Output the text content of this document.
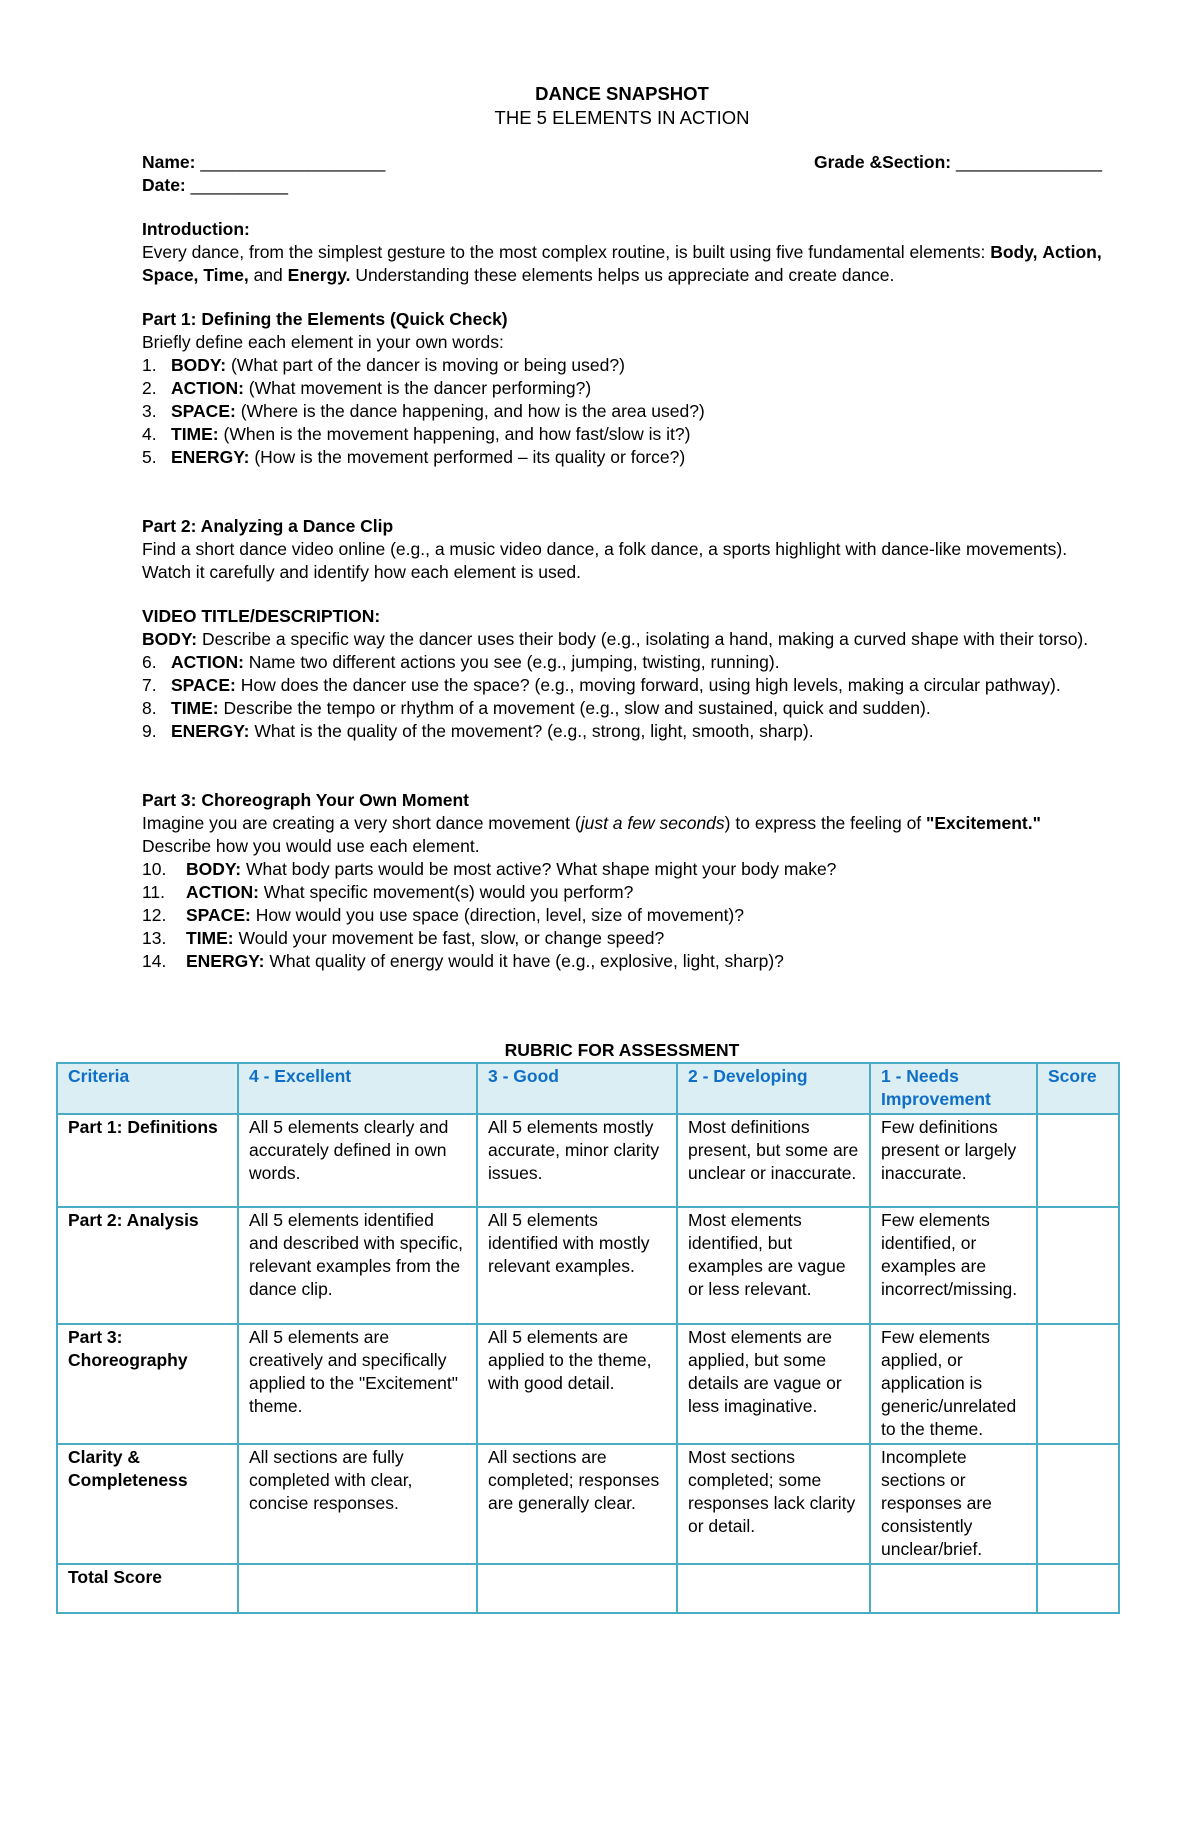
DANCE SNAPSHOT
THE 5 ELEMENTS IN ACTION
Name: ___________________	Grade &Section: _______________
Date: __________
Introduction:
Every dance, from the simplest gesture to the most complex routine, is built using five fundamental elements: Body, Action, Space, Time, and Energy. Understanding these elements helps us appreciate and create dance.
Part 1: Defining the Elements (Quick Check)
Briefly define each element in your own words:
1. BODY: (What part of the dancer is moving or being used?)
2. ACTION: (What movement is the dancer performing?)
3. SPACE: (Where is the dance happening, and how is the area used?)
4. TIME: (When is the movement happening, and how fast/slow is it?)
5. ENERGY: (How is the movement performed – its quality or force?)
Part 2: Analyzing a Dance Clip
Find a short dance video online (e.g., a music video dance, a folk dance, a sports highlight with dance-like movements). Watch it carefully and identify how each element is used.
VIDEO TITLE/DESCRIPTION:
BODY: Describe a specific way the dancer uses their body (e.g., isolating a hand, making a curved shape with their torso).
6. ACTION: Name two different actions you see (e.g., jumping, twisting, running).
7. SPACE: How does the dancer use the space? (e.g., moving forward, using high levels, making a circular pathway).
8. TIME: Describe the tempo or rhythm of a movement (e.g., slow and sustained, quick and sudden).
9. ENERGY: What is the quality of the movement? (e.g., strong, light, smooth, sharp).
Part 3: Choreograph Your Own Moment
Imagine you are creating a very short dance movement (just a few seconds) to express the feeling of "Excitement." Describe how you would use each element.
10. BODY: What body parts would be most active? What shape might your body make?
11. ACTION: What specific movement(s) would you perform?
12. SPACE: How would you use space (direction, level, size of movement)?
13. TIME: Would your movement be fast, slow, or change speed?
14. ENERGY: What quality of energy would it have (e.g., explosive, light, sharp)?
RUBRIC FOR ASSESSMENT
Criteria	4 - Excellent	3 - Good	2 - Developing	1 - Needs Improvement	Score
Part 1: Definitions	All 5 elements clearly and accurately defined in own words.	All 5 elements mostly accurate, minor clarity issues.	Most definitions present, but some are unclear or inaccurate.	Few definitions present or largely inaccurate.	
Part 2: Analysis	All 5 elements identified and described with specific, relevant examples from the dance clip.	All 5 elements identified with mostly relevant examples.	Most elements identified, but examples are vague or less relevant.	Few elements identified, or examples are incorrect/missing.	
Part 3: Choreography	All 5 elements are creatively and specifically applied to the "Excitement" theme.	All 5 elements are applied to the theme, with good detail.	Most elements are applied, but some details are vague or less imaginative.	Few elements applied, or application is generic/unrelated to the theme.	
Clarity & Completeness	All sections are fully completed with clear, concise responses.	All sections are completed; responses are generally clear.	Most sections completed; some responses lack clarity or detail.	Incomplete sections or responses are consistently unclear/brief.	
Total Score					
